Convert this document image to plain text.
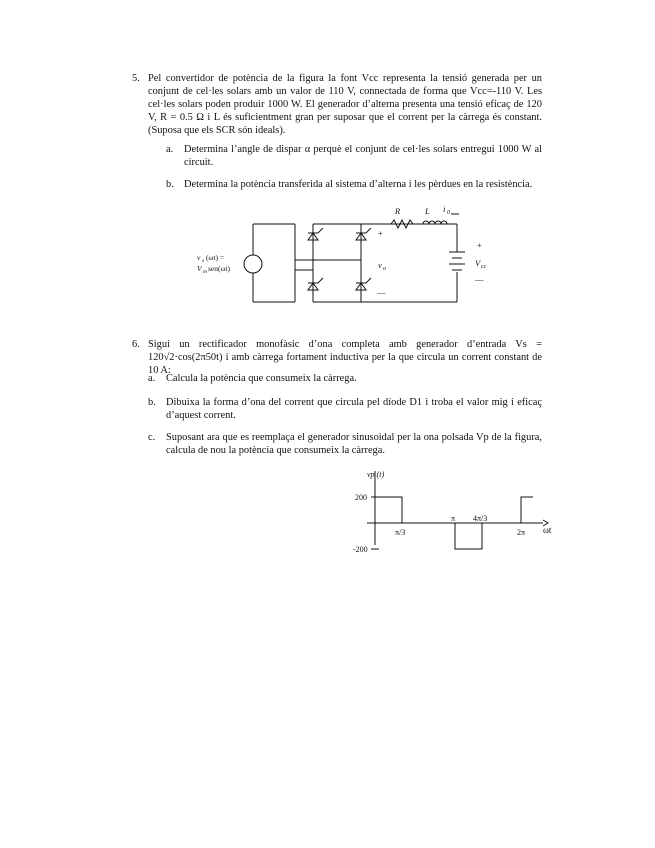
5. Pel convertidor de potència de la figura la font Vcc representa la tensió generada per un conjunt de cel·les solars amb un valor de 110 V, connectada de forma que Vcc=-110 V. Les cel·les solars poden produir 1000 W. El generador d’alterna presenta una tensió eficaç de 120 V, R = 0.5 Ω i L és suficientment gran per suposar que el corrent per la càrrega és constant. (Suposa que els SCR són ideals).
a. Determina l’angle de dispar α perquè el conjunt de cel·les solars entregui 1000 W al circuit.
b. Determina la potència transferida al sistema d’alterna i les pèrdues en la resistència.
R	L i 0
+
v o
—
+
V cc
—
v s (ωt) =
V m sen(ωt)
6. Sigui un rectificador monofàsic d’ona completa amb generador d’entrada Vs = 120√2·cos(2π50t) i amb càrrega fortament inductiva per la que circula un corrent constant de 10 A:
a. Calcula la potència que consumeix la càrrega.
b. Dibuixa la forma d’ona del corrent que circula pel díode D1 i troba el valor mig i eficaç d’aquest corrent.
c. Suposant ara que es reemplaça el generador sinusoidal per la ona polsada Vp de la figura, calcula de nou la potència que consumeix la càrrega.
vp (t)
200
-200
π/3
π 4π/3
2π ωt
